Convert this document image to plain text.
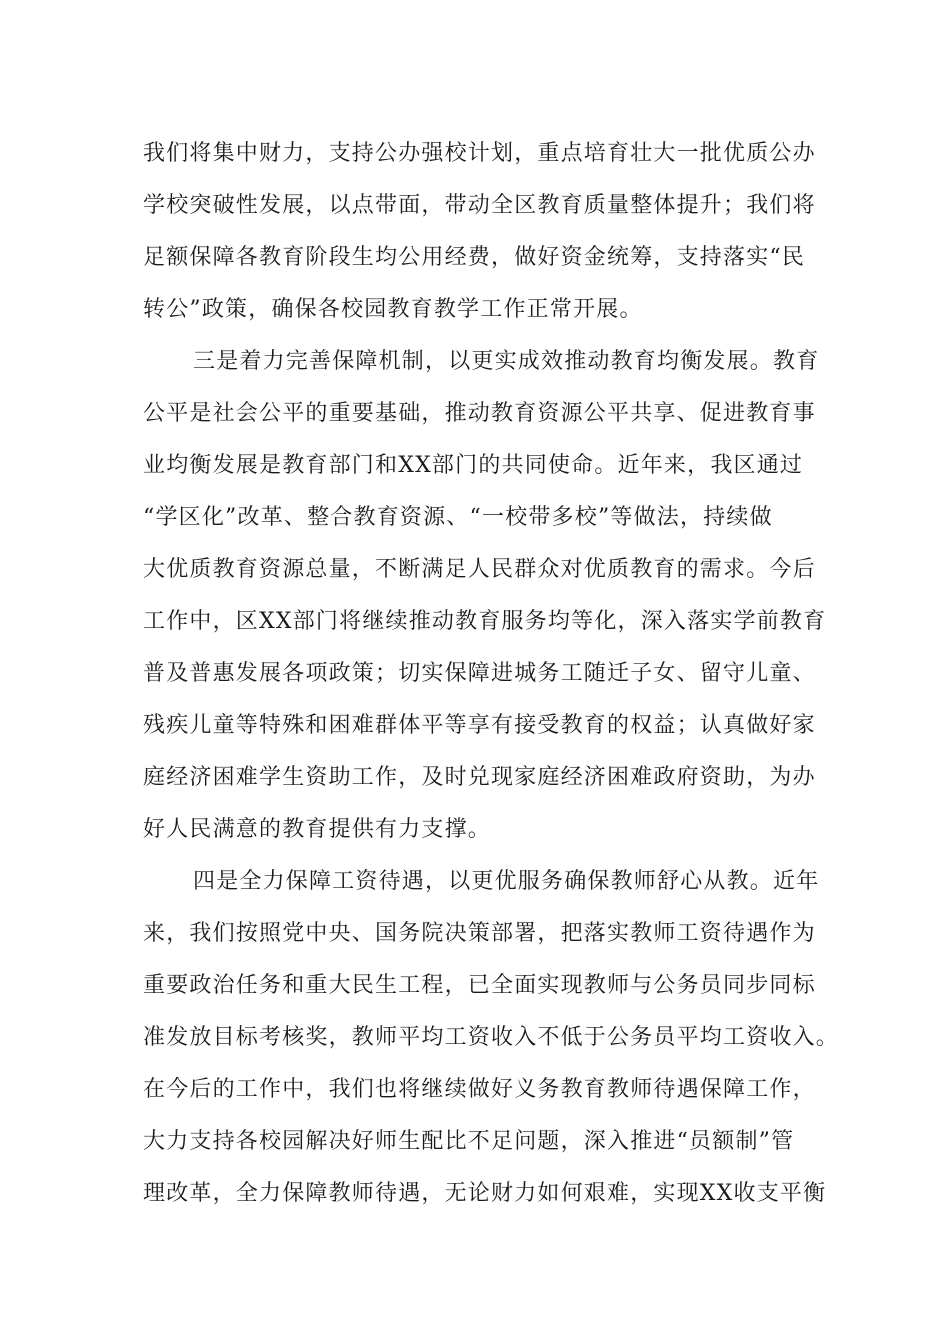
我们将集中财力，支持公办强校计划，重点培育壮大一批优质公办
学校突破性发展，以点带面，带动全区教育质量整体提升；我们将
足额保障各教育阶段生均公用经费，做好资金统筹，支持落实“民
转公”政策，确保各校园教育教学工作正常开展。
三是着力完善保障机制，以更实成效推动教育均衡发展。教育
公平是社会公平的重要基础，推动教育资源公平共享、促进教育事
业均衡发展是教育部门和XX部门的共同使命。近年来，我区通过
“学区化”改革、整合教育资源、“一校带多校”等做法，持续做
大优质教育资源总量，不断满足人民群众对优质教育的需求。今后
工作中，区XX部门将继续推动教育服务均等化，深入落实学前教育
普及普惠发展各项政策；切实保障进城务工随迁子女、留守儿童、
残疾儿童等特殊和困难群体平等享有接受教育的权益；认真做好家
庭经济困难学生资助工作，及时兑现家庭经济困难政府资助，为办
好人民满意的教育提供有力支撑。
四是全力保障工资待遇，以更优服务确保教师舒心从教。近年
来，我们按照党中央、国务院决策部署，把落实教师工资待遇作为
重要政治任务和重大民生工程，已全面实现教师与公务员同步同标
准发放目标考核奖，教师平均工资收入不低于公务员平均工资收入。
在今后的工作中，我们也将继续做好义务教育教师待遇保障工作，
大力支持各校园解决好师生配比不足问题，深入推进“员额制”管
理改革，全力保障教师待遇，无论财力如何艰难，实现XX收支平衡
